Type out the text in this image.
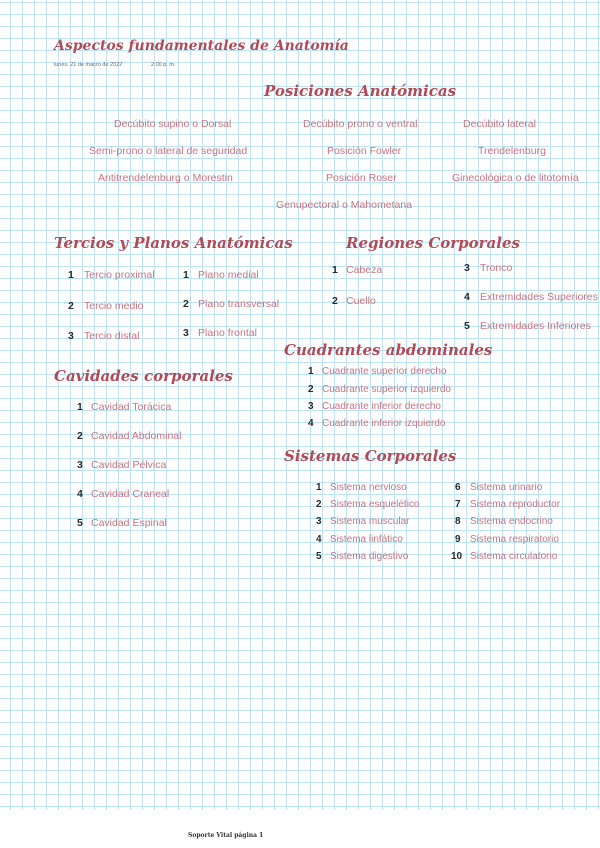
Aspectos fundamentales de Anatomía
lunes, 21 de marzo de 2022	2:00 p. m.
Posiciones Anatómicas
Decúbito supino o Dorsal	Decúbito prono o ventral	Decúbito lateral
Semi-prono o lateral de seguridad	Posición Fowler	Trendelenburg
Antitrendelenburg o Morestin	Posición Roser	Ginecológica o de litotomía
Genupectoral o Mahometana
Tercios y Planos Anatómicas
1 Tercio proximal
2 Tercio medio
3 Tercio distal
1 Plano medial
2 Plano transversal
3 Plano frontal
Regiones Corporales
1 Cabeza
2 Cuello
3 Tronco
4 Extremidades Superiores
5 Extremidades Inferiores
Cuadrantes abdominales
1 Cuadrante superior derecho
2 Cuadrante superior izquierdo
3 Cuadrante inferior derecho
4 Cuadrante inferior izquierdo
Cavidades corporales
1 Cavidad Torácica
2 Cavidad Abdominal
3 Cavidad Pélvica
4 Cavidad Craneal
5 Cavidad Espinal
Sistemas Corporales
1 Sistema nervioso
2 Sistema esquelético
3 Sistema muscular
4 Sistema linfático
5 Sistema digestivo
6 Sistema urinario
7 Sistema reproductor
8 Sistema endocrino
9 Sistema respiratorio
10 Sistema circulatorio
Soporte Vital página 1
